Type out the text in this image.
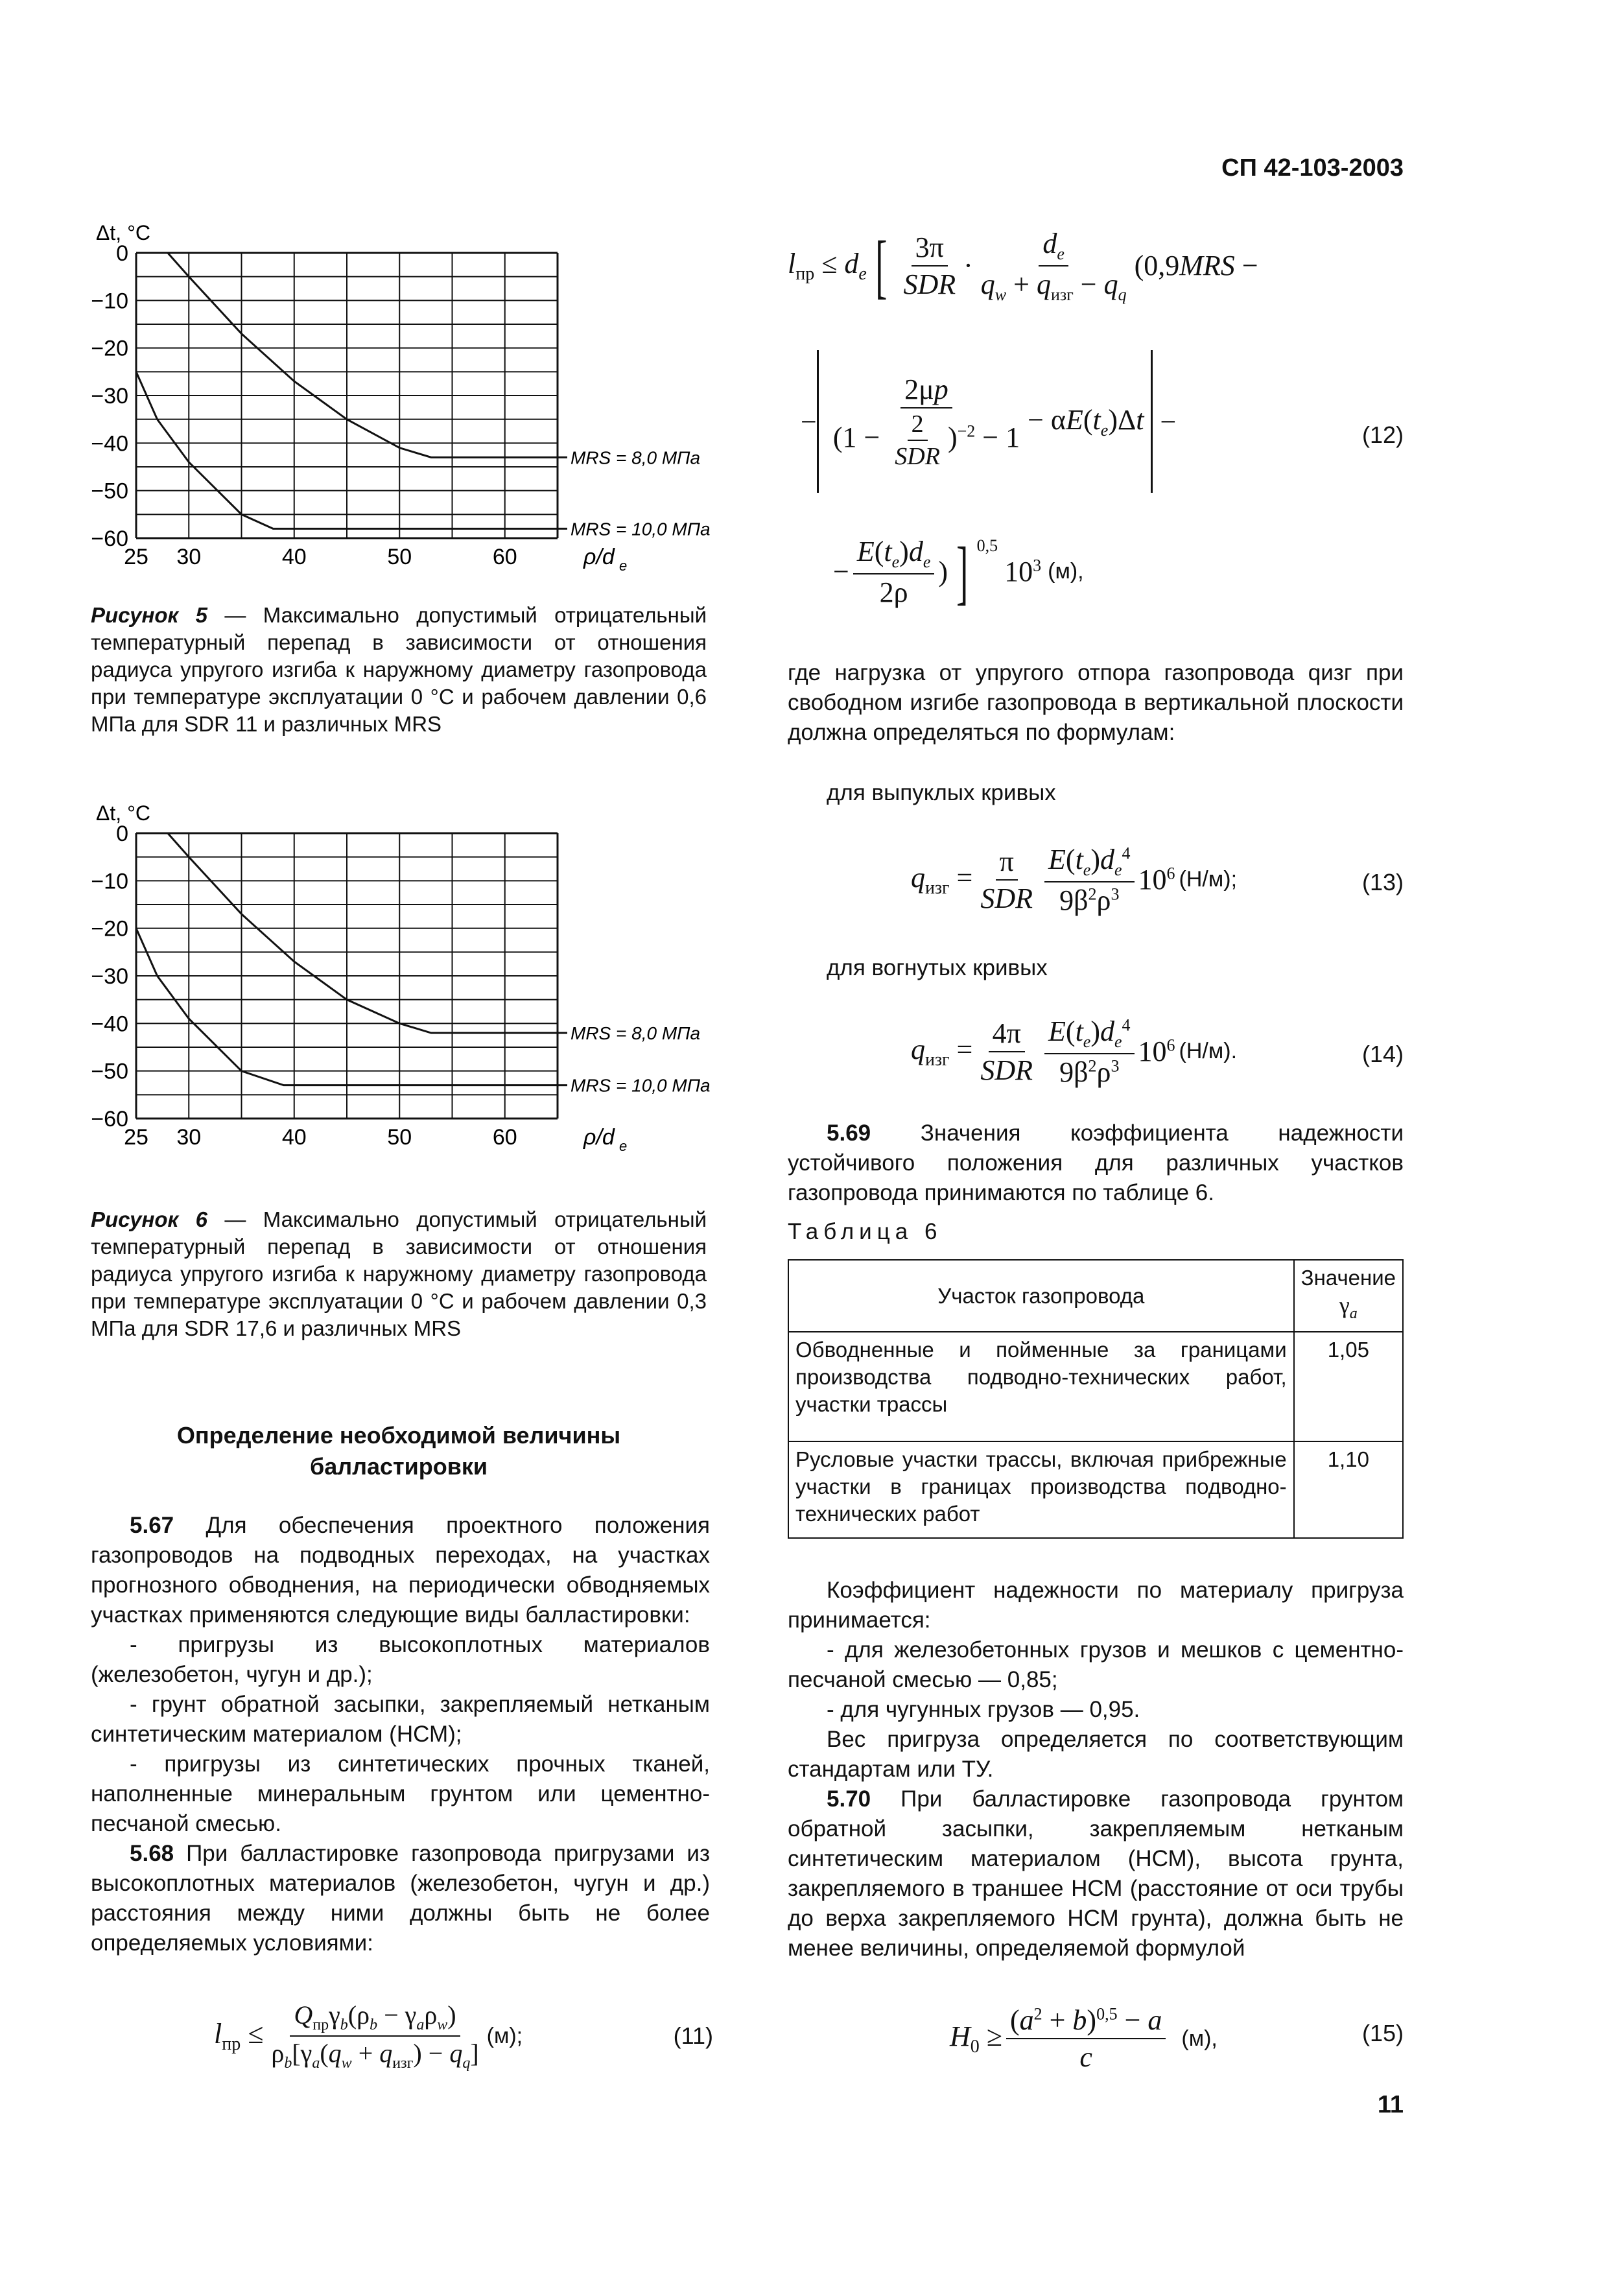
СП 42-103-2003
MRS = 8,0 МПа
MRS = 10,0 МПа
0
−10
−20
−30
−40
−50
−60
25 30	40	50	60
Δt, °C
ρ/d e

Рисунок 5 — Максимально допустимый отрицательный температурный перепад в зависимости от отношения радиуса упругого изгиба к наружному диаметру газопровода при температуре эксплуатации 0 °С и рабочем давлении 0,6 МПа для SDR 11 и различных MRS

MRS = 8,0 МПа
MRS = 10,0 МПа
0
−10
−20
−30
−40
−50
−60
25 30	40	50	60
Δt, °C
ρ/d e

Рисунок 6 — Максимально допустимый отрицательный температурный перепад в зависимости от отношения радиуса упругого изгиба к наружному диаметру газопровода при температуре эксплуатации 0 °С и рабочем давлении 0,3 МПа для SDR 17,6 и различных MRS

Определение необходимой величины балластировки

5.67 Для обеспечения проектного положения газопроводов на подводных переходах, на участках прогнозного обводнения, на периодически обводняемых участках применяются следующие виды балластировки:

- пригрузы из высокоплотных материалов (железобетон, чугун и др.);

- грунт обратной засыпки, закрепляемый нетканым синтетическим материалом (НСМ);

- пригрузы из синтетических прочных тканей, наполненные минеральным грунтом или цементно-песчаной смесью.

5.68 При балластировке газопровода пригрузами из высокоплотных материалов (железобетон, чугун и др.) расстояния между ними должны быть не более определяемых условиями:

$l_{пр} \le \frac{Q_{пр}\gamma_b(\rho_b - \gamma_a\rho_w)}{\rho_b[\gamma_a(q_w + q_{изг}) - q_q]} (м)$;	(11)
$l_{пр} \le d_e$ [ $\frac{3\pi}{\text{SDR}} \cdot \frac{d_e}{q_w + q_{изг} - q_q} (0,9MRS$ −
− $\frac{2\mu p}{(1 - \frac{2}{\text{SDR}} )^{-2} - 1} - \alpha E(t_e)\Delta t$ −
− $\frac{E(t_e)d_e}{2\rho}$ ) ] $^{0,5}$
$10^3$ (м),
(12)

где нагрузка от упругого отпора газопровода qизг при свободном изгибе газопровода в вертикальной плоскости должна определяться по формулам:

для выпуклых кривых

$q_{изг} = \frac{\pi}{\text{SDR}} \frac{E(t_e)d_e^4}{9\beta^2\rho^3} 10^6$ (Н/м);	(13)

для вогнутых кривых

$q_{изг} = \frac{4\pi}{\text{SDR}} \frac{E(t_e)d_e^4}{9\beta^2\rho^3} 10^6$ (Н/м).	(14)

5.69 Значения коэффициента надежности устойчивого положения для различных участков газопровода принимаются по таблице 6.

Таблица 6
Участок газопровода	Значение
$\gamma_a$

Обводненные и пойменные за границами производства подводно-технических работ, участки трассы	1,05
Русловые участки трассы, включая прибрежные участки в границах производства подводно-технических работ	1,10

Коэффициент надежности по материалу пригруза принимается:

- для железобетонных грузов и мешков с цементно-песчаной смесью — 0,85;

- для чугунных грузов — 0,95.

Вес пригруза определяется по соответствующим стандартам или ТУ.

5.70 При балластировке газопровода грунтом обратной засыпки, закрепляемым нетканым синтетическим материалом (НСМ), высота грунта, закрепляемого в траншее НСМ (расстояние от оси трубы до верха закрепляемого НСМ грунта), должна быть не менее величины, определяемой формулой

$H_0 \ge \frac{(a^2 + b)^{0,5} - a}{c} (м)$,	(15)
11
